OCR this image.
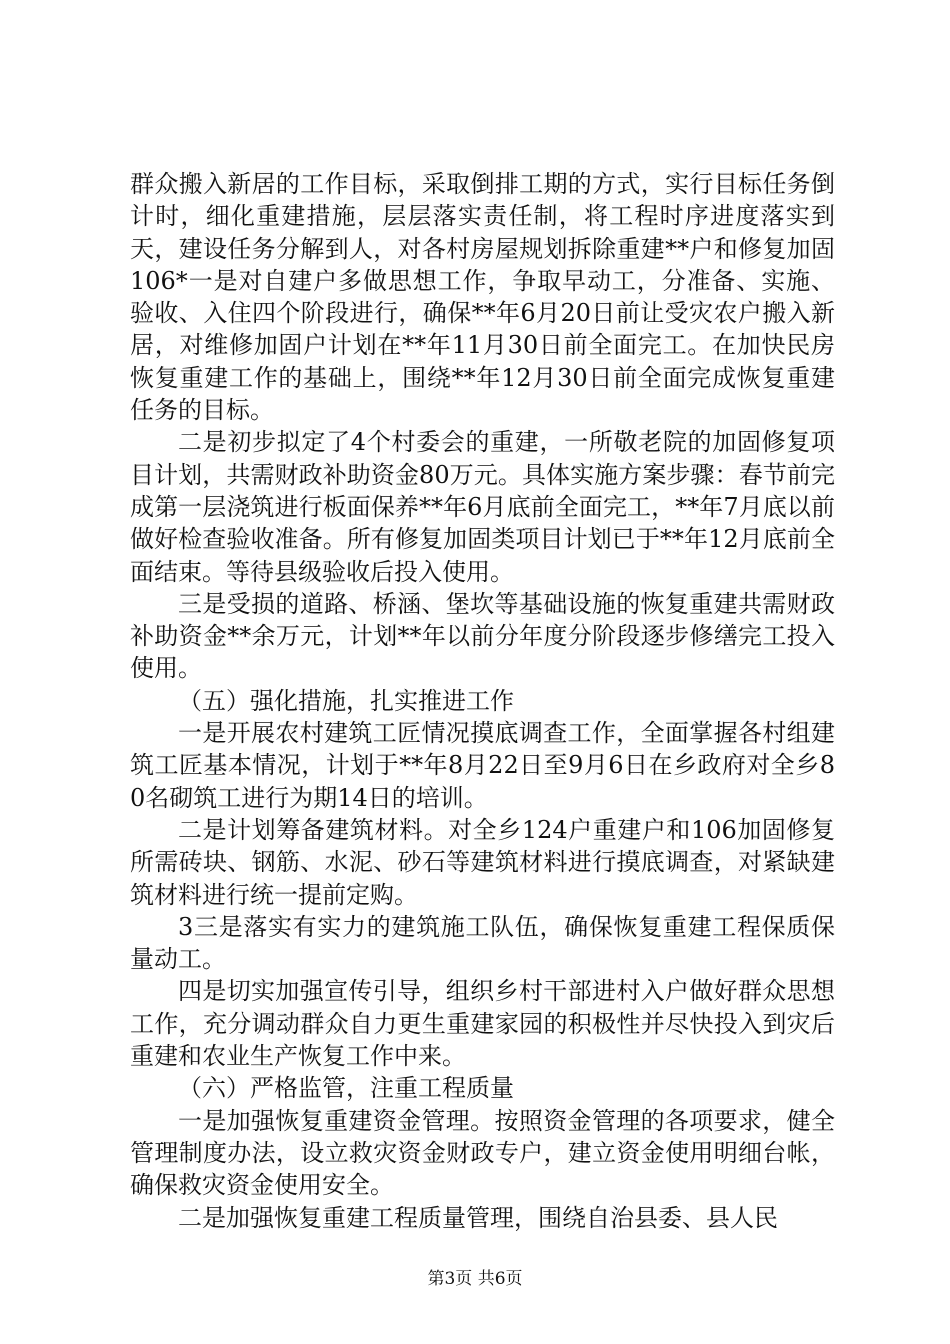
群众搬入新居的工作目标，采取倒排工期的方式，实行目标任务倒计时，细化重建措施，层层落实责任制，将工程时序进度落实到天，建设任务分解到人，对各村房屋规划拆除重建**户和修复加固106*一是对自建户多做思想工作，争取早动工，分准备、实施、验收、入住四个阶段进行，确保**年6月20日前让受灾农户搬入新居，对维修加固户计划在**年11月30日前全面完工。在加快民房恢复重建工作的基础上，围绕**年12月30日前全面完成恢复重建任务的目标。

二是初步拟定了4个村委会的重建，一所敬老院的加固修复项目计划，共需财政补助资金80万元。具体实施方案步骤：春节前完成第一层浇筑进行板面保养**年6月底前全面完工，**年7月底以前做好检查验收准备。所有修复加固类项目计划已于**年12月底前全面结束。等待县级验收后投入使用。

三是受损的道路、桥涵、堡坎等基础设施的恢复重建共需财政补助资金**余万元，计划**年以前分年度分阶段逐步修缮完工投入使用。

（五）强化措施，扎实推进工作

一是开展农村建筑工匠情况摸底调查工作，全面掌握各村组建筑工匠基本情况，计划于**年8月22日至9月6日在乡政府对全乡80名砌筑工进行为期14日的培训。

二是计划筹备建筑材料。对全乡124户重建户和106加固修复所需砖块、钢筋、水泥、砂石等建筑材料进行摸底调查，对紧缺建筑材料进行统一提前定购。

3三是落实有实力的建筑施工队伍，确保恢复重建工程保质保量动工。

四是切实加强宣传引导，组织乡村干部进村入户做好群众思想工作，充分调动群众自力更生重建家园的积极性并尽快投入到灾后重建和农业生产恢复工作中来。

（六）严格监管，注重工程质量

一是加强恢复重建资金管理。按照资金管理的各项要求，健全管理制度办法，设立救灾资金财政专户，建立资金使用明细台帐，确保救灾资金使用安全。

二是加强恢复重建工程质量管理，围绕自治县委、县人民

第3页 共6页
